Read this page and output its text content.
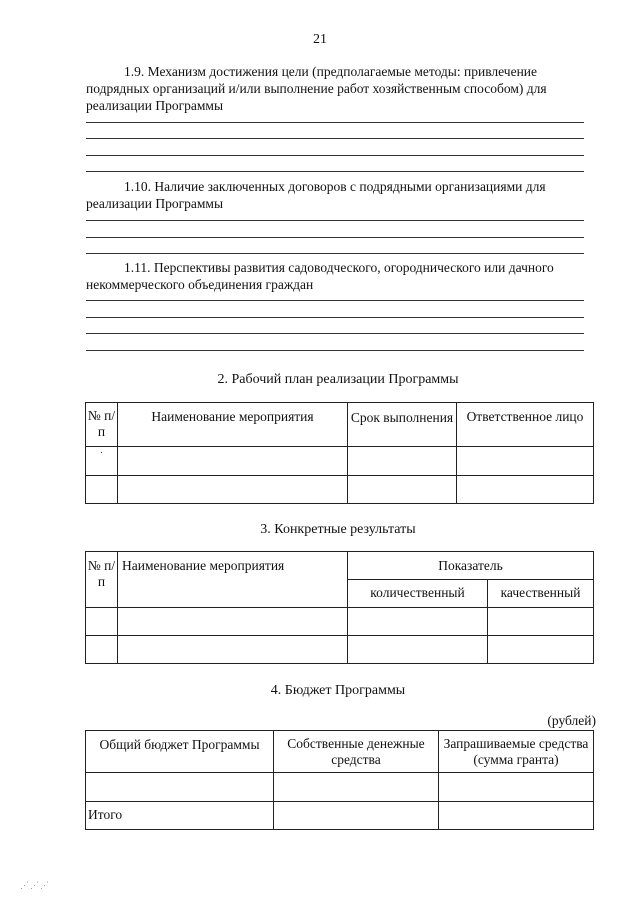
21
1.9. Механизм достижения цели (предполагаемые методы: привлечение
подрядных организаций и/или выполнение работ хозяйственным способом) для
реализации Программы
1.10. Наличие заключенных договоров с подрядными организациями для
реализации Программы
1.11. Перспективы развития садоводческого, огороднического или дачного
некоммерческого объединения граждан
2. Рабочий план реализации Программы
№ п/п	Наименование мероприятия	Срок выполнения	Ответственное лицо
·			

3. Конкретные результаты
№ п/п	Наименование мероприятия	Показатель	
		количественный	качественный

4. Бюджет Программы
(рублей)
Общий бюджет Программы	Собственные денежные средства	Запрашиваемые средства (сумма гранта)

Итого		
⋰⋰⋰
